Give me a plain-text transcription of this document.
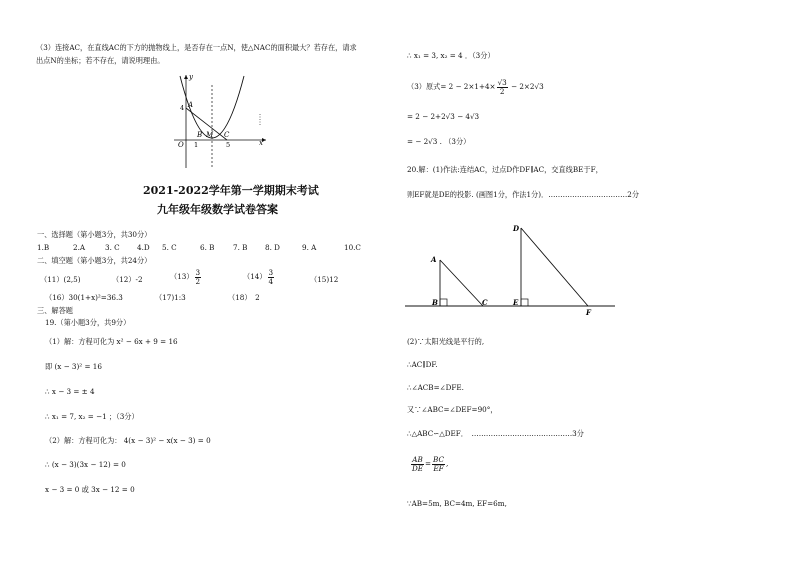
（3）连接AC，在直线AC的下方的抛物线上，是否存在一点N，使△NAC的面积最大？若存在，请求
出点N的坐标；若不存在，请说明理由。
y
x
A
4
B M C
O 1	5
2021-2022学年第一学期期末考试
九年级年级数学试卷答案
一、选择题（第小题3分，共30分）
1.B	2.A	3. C 4.D 5. C	6. B	7. B 8. D	9. A	10.C
二、填空题（第小题3分，共24分）
（11）(2,5)	（12）-2	$(13) \frac{3}{2}$	$(14) \frac{3}{4}$	（15)12
（16）30(1+x)²=36.3	（17)1:3	（18）　2
三、解答题
19.（第小题3分，共9分）
（1）解：方程可化为 x² − 6x + 9 = 16
即 (x − 3)² = 16
∴ x − 3 = ± 4
∴ x₁ = 7, x₂ = −1 ；（3分）
（2）解：方程可化为： 4(x − 3)² − x(x − 3) = 0
∴ (x − 3)(3x − 12) = 0
x − 3 = 0 或 3x − 12 = 0
∴ x₁ = 3, x₂ = 4 ．（3分）
（3）原式= $2 - 2\times 1+4\times \frac{√3}{2} - 2\times 2√3$
= 2 − 2+2√3 − 4√3
= − 2√3 . （3分）
20.解：(1)作法:连结AC，过点D作DF∥AC，交直线BE于F，
则EF就是DE的投影. (画图1分，作法1分)．……………………………2分
A
B	C
D
E
F
(2)∵太阳光线是平行的,
∴AC∥DF.
∴∠ACB=∠DFE.
又∵∠ABC=∠DEF=90°，
∴△ABC∽△DEF．　……………………………………3分
$\frac{AB}{DE} = \frac{BC}{EF}$ ,
∵AB=5m, BC=4m, EF=6m,
